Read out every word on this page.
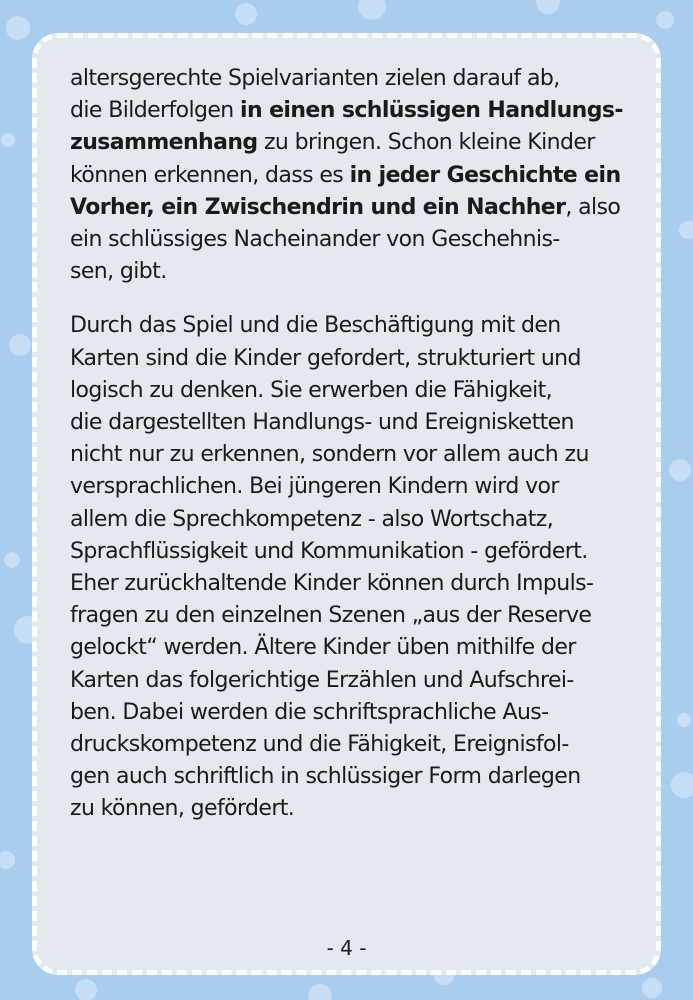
altersgerechte Spielvarianten zielen darauf ab,
die Bilderfolgen in einen schlüssigen Handlungs-
zusammenhang zu bringen. Schon kleine Kinder
können erkennen, dass es in jeder Geschichte ein
Vorher, ein Zwischendrin und ein Nachher, also
ein schlüssiges Nacheinander von Geschehnis-
sen, gibt.
Durch das Spiel und die Beschäftigung mit den
Karten sind die Kinder gefordert, strukturiert und
logisch zu denken. Sie erwerben die Fähigkeit,
die dargestellten Handlungs- und Ereignisketten
nicht nur zu erkennen, sondern vor allem auch zu
versprachlichen. Bei jüngeren Kindern wird vor
allem die Sprechkompetenz - also Wortschatz,
Sprachflüssigkeit und Kommunikation - gefördert.
Eher zurückhaltende Kinder können durch Impuls-
fragen zu den einzelnen Szenen „aus der Reserve
gelockt“ werden. Ältere Kinder üben mithilfe der
Karten das folgerichtige Erzählen und Aufschrei-
ben. Dabei werden die schriftsprachliche Aus-
druckskompetenz und die Fähigkeit, Ereignisfol-
gen auch schriftlich in schlüssiger Form darlegen
zu können, gefördert.
- 4 -
